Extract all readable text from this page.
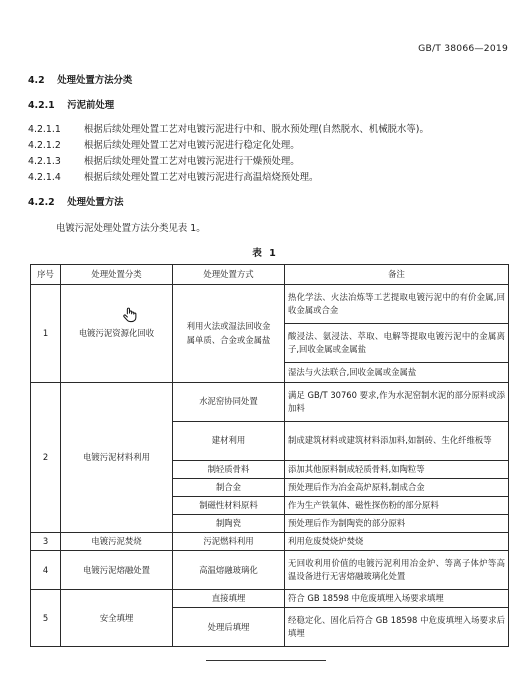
GB/T 38066—2019
4.2 处理处置方法分类
4.2.1 污泥前处理
4.2.1.1 根据后续处理处置工艺对电镀污泥进行中和、脱水预处理(自然脱水、机械脱水等)。
4.2.1.2 根据后续处理处置工艺对电镀污泥进行稳定化处理。
4.2.1.3 根据后续处理处置工艺对电镀污泥进行干燥预处理。
4.2.1.4 根据后续处理处置工艺对电镀污泥进行高温焙烧预处理。
4.2.2 处理处置方法
电镀污泥处理处置方法分类见表 1。
表 1
序号	处理处置分类	处理处置方式	备注
1	电镀污泥资源化回收	利用火法或湿法回收金属单质、合金或金属盐	热化学法、火法冶炼等工艺提取电镀污泥中的有价金属,回收金属或合金
			酸浸法、氨浸法、萃取、电解等提取电镀污泥中的金属离子,回收金属或金属盐
			湿法与火法联合,回收金属或金属盐
2	电镀污泥材料利用	水泥窑协同处置	满足 GB/T 30760 要求,作为水泥窑制水泥的部分原料或添加料
		建材利用	制成建筑材料或建筑材料添加料,如制砖、生化纤维板等
		制轻质骨料	添加其他原料制成轻质骨料,如陶粒等
		制合金	预处理后作为冶金高炉原料,制成合金
		制磁性材料原料	作为生产铁氧体、磁性探伤粉的部分原料
		制陶瓷	预处理后作为制陶瓷的部分原料
3	电镀污泥焚烧	污泥燃料利用	利用危废焚烧炉焚烧
4	电镀污泥熔融处置	高温熔融玻璃化	无回收利用价值的电镀污泥利用冶金炉、等离子体炉等高温设备进行无害熔融玻璃化处置
5	安全填埋	直接填埋	符合 GB 18598 中危废填埋入场要求填埋
		处理后填埋	经稳定化、固化后符合 GB 18598 中危废填埋入场要求后填埋
